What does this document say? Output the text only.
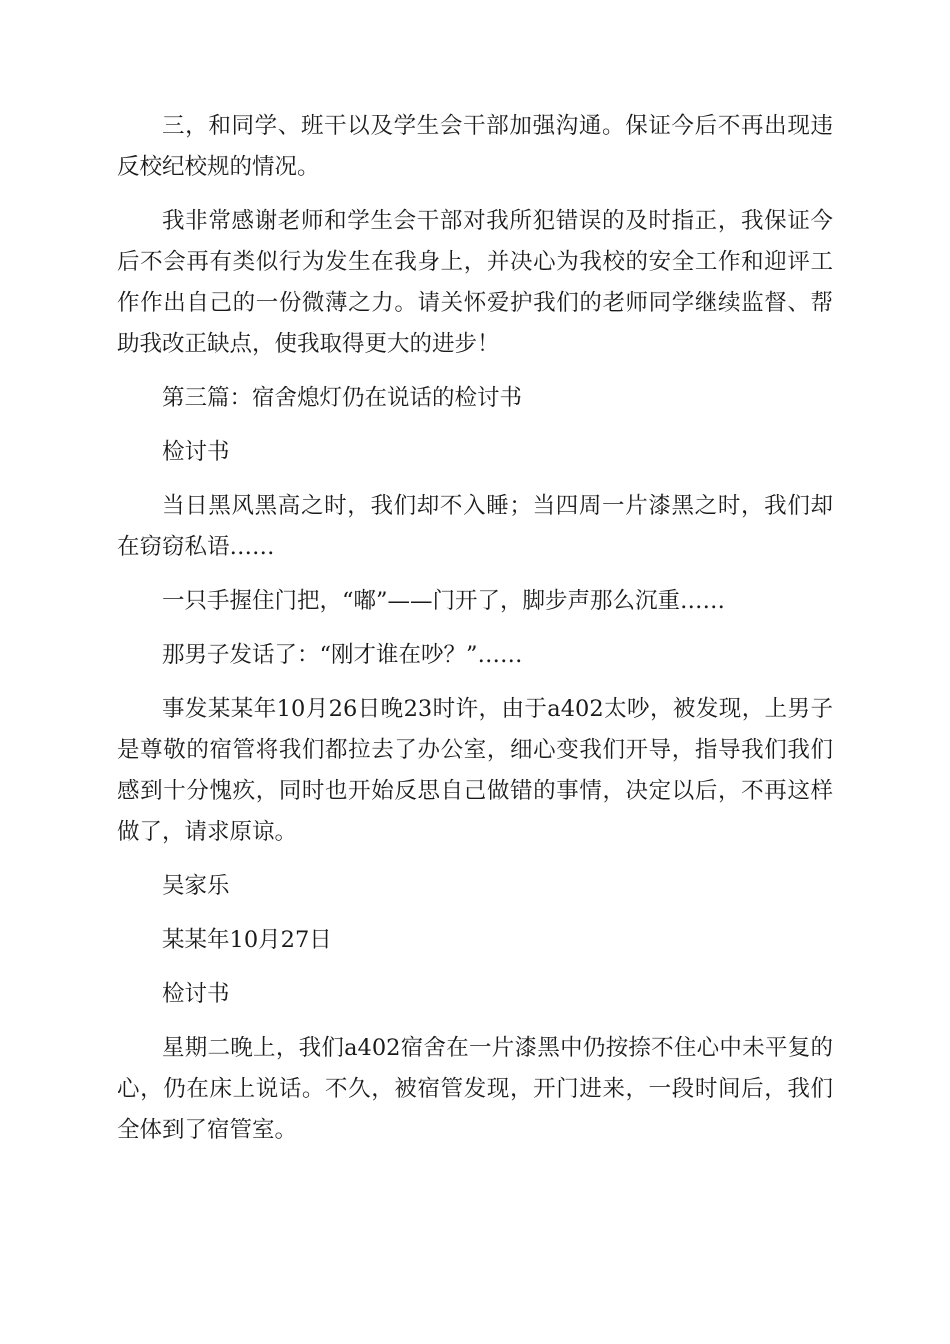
三，和同学、班干以及学生会干部加强沟通。保证今后不再出现违反校纪校规的情况。

我非常感谢老师和学生会干部对我所犯错误的及时指正，我保证今后不会再有类似行为发生在我身上，并决心为我校的安全工作和迎评工作作出自己的一份微薄之力。请关怀爱护我们的老师同学继续监督、帮助我改正缺点，使我取得更大的进步！

第三篇：宿舍熄灯仍在说话的检讨书

检讨书

当日黑风黑高之时，我们却不入睡；当四周一片漆黑之时，我们却在窃窃私语……

一只手握住门把，“嘟”——门开了，脚步声那么沉重……

那男子发话了：“刚才谁在吵？”……

事发某某年10月26日晚23时许，由于a402太吵，被发现，上男子是尊敬的宿管将我们都拉去了办公室，细心变我们开导，指导我们我们感到十分愧疚，同时也开始反思自己做错的事情，决定以后，不再这样做了，请求原谅。

吴家乐

某某年10月27日

检讨书

星期二晚上，我们a402宿舍在一片漆黑中仍按捺不住心中未平复的心，仍在床上说话。不久，被宿管发现，开门进来，一段时间后，我们全体到了宿管室。
